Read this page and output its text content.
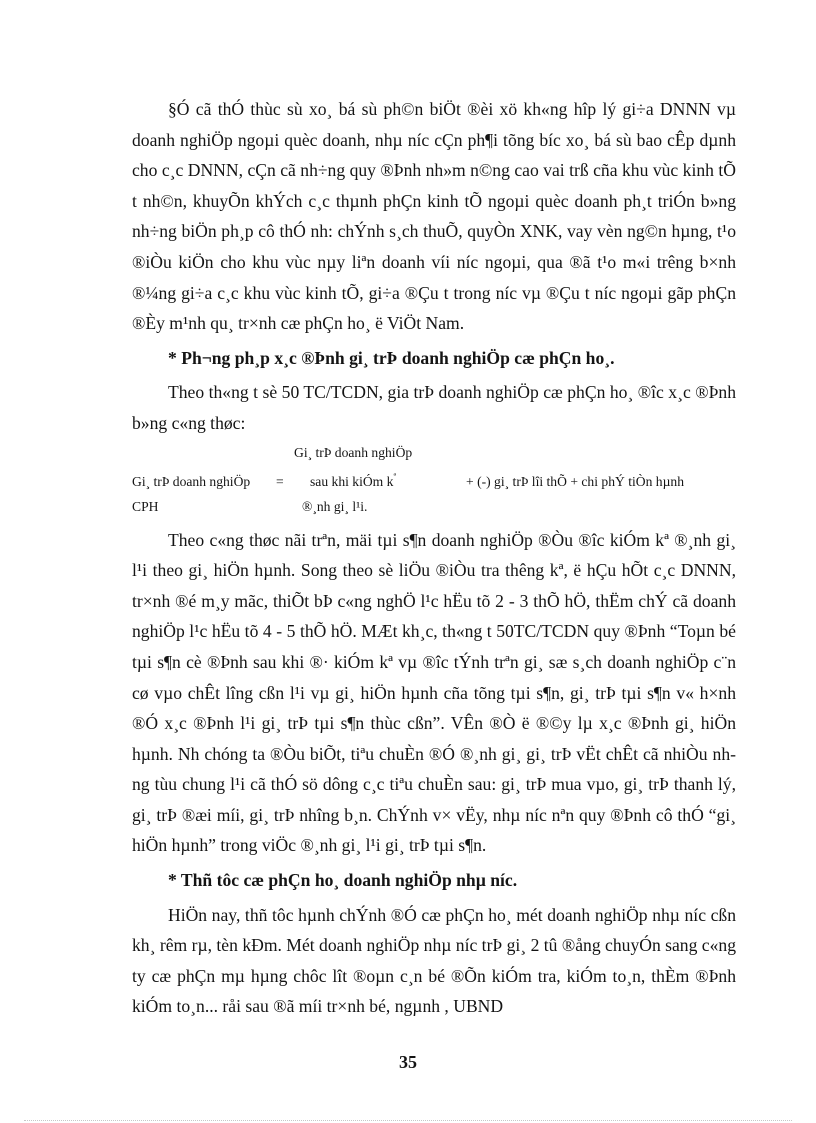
§Ó cã thÓ thùc sù xo¸ bá sù ph©n biÖt ®èi xö kh«ng hîp lý gi÷a DNNN vµ doanh nghiÖp ngoµi quèc doanh, nhµ níc cÇn ph¶i tõng bíc xo¸ bá sù bao cÊp dµnh cho c¸c DNNN, cÇn cã nh÷ng quy ®Þnh nh»m n©ng cao vai trß cña khu vùc kinh tÕ t nh©n, khuyÕn khÝch c¸c thµnh phÇn kinh tÕ ngoµi quèc doanh ph¸t triÓn b»ng nh÷ng biÖn ph¸p cô thÓ nh: chÝnh s¸ch thuÕ, quyÒn XNK, vay vèn ng©n hµng, t¹o ®iÒu kiÖn cho khu vùc nµy liªn doanh víi níc ngoµi, qua ®ã t¹o m«i trêng b×nh ®¼ng gi÷a c¸c khu vùc kinh tÕ, gi÷a ®Çu t trong níc vµ ®Çu t níc ngoµi gãp phÇn ®Èy m¹nh qu¸ tr×nh cæ phÇn ho¸ ë ViÖt Nam.

* Ph¬ng ph¸p x¸c ®Þnh gi¸ trÞ doanh nghiÖp cæ phÇn ho¸.

Theo th«ng t sè 50 TC/TCDN, gia trÞ doanh nghiÖp cæ phÇn ho¸ ®îc x¸c ®Þnh b»ng c«ng thøc:

Gi¸ trÞ doanh nghiÖp
Gi¸ trÞ doanh nghiÖp = sau khi kiÓm $k^ª$	+ (-) gi¸ trÞ lîi thÕ + chi phÝ tiÒn hµnh
CPH	®¸nh gi¸ l¹i.

Theo c«ng thøc nãi trªn, mäi tµi s¶n doanh nghiÖp ®Òu ®îc kiÓm kª ®¸nh gi¸ l¹i theo gi¸ hiÖn hµnh. Song theo sè liÖu ®iÒu tra thêng kª, ë hÇu hÕt c¸c DNNN, tr×nh ®é m¸y mãc, thiÕt bÞ c«ng nghÖ l¹c hËu tõ 2 - 3 thÕ hÖ, thËm chÝ cã doanh nghiÖp l¹c hËu tõ 4 - 5 thÕ hÖ. MÆt kh¸c, th«ng t 50TC/TCDN quy ®Þnh “Toµn bé tµi s¶n cè ®Þnh sau khi ®· kiÓm kª vµ ®îc tÝnh trªn gi¸ sæ s¸ch doanh nghiÖp c¨n cø vµo chÊt lîng cßn l¹i vµ gi¸ hiÖn hµnh cña tõng tµi s¶n, gi¸ trÞ tµi s¶n v« h×nh ®Ó x¸c ®Þnh l¹i gi¸ trÞ tµi s¶n thùc cßn”. VÊn ®Ò ë ®©y lµ x¸c ®Þnh gi¸ hiÖn hµnh. Nh chóng ta ®Òu biÕt, tiªu chuÈn ®Ó ®¸nh gi¸ gi¸ trÞ vËt chÊt cã nhiÒu nhng tùu chung l¹i cã thÓ sö dông c¸c tiªu chuÈn sau: gi¸ trÞ mua vµo, gi¸ trÞ thanh lý, gi¸ trÞ ®æi míi, gi¸ trÞ nhîng b¸n. ChÝnh v× vËy, nhµ níc nªn quy ®Þnh cô thÓ “gi¸ hiÖn hµnh” trong viÖc ®¸nh gi¸ l¹i gi¸ trÞ tµi s¶n.

* Thñ tôc cæ phÇn ho¸ doanh nghiÖp nhµ níc.

HiÖn nay, thñ tôc hµnh chÝnh ®Ó cæ phÇn ho¸ mét doanh nghiÖp nhµ níc cßn kh¸ rêm rµ, tèn kÐm. Mét doanh nghiÖp nhµ níc trÞ gi¸ 2 tû ®ång chuyÓn sang c«ng ty cæ phÇn mµ hµng chôc lît ®oµn c¸n bé ®Õn kiÓm tra, kiÓm to¸n, thÈm ®Þnh kiÓm to¸n... råi sau ®ã míi tr×nh bé, ngµnh , UBND

35
